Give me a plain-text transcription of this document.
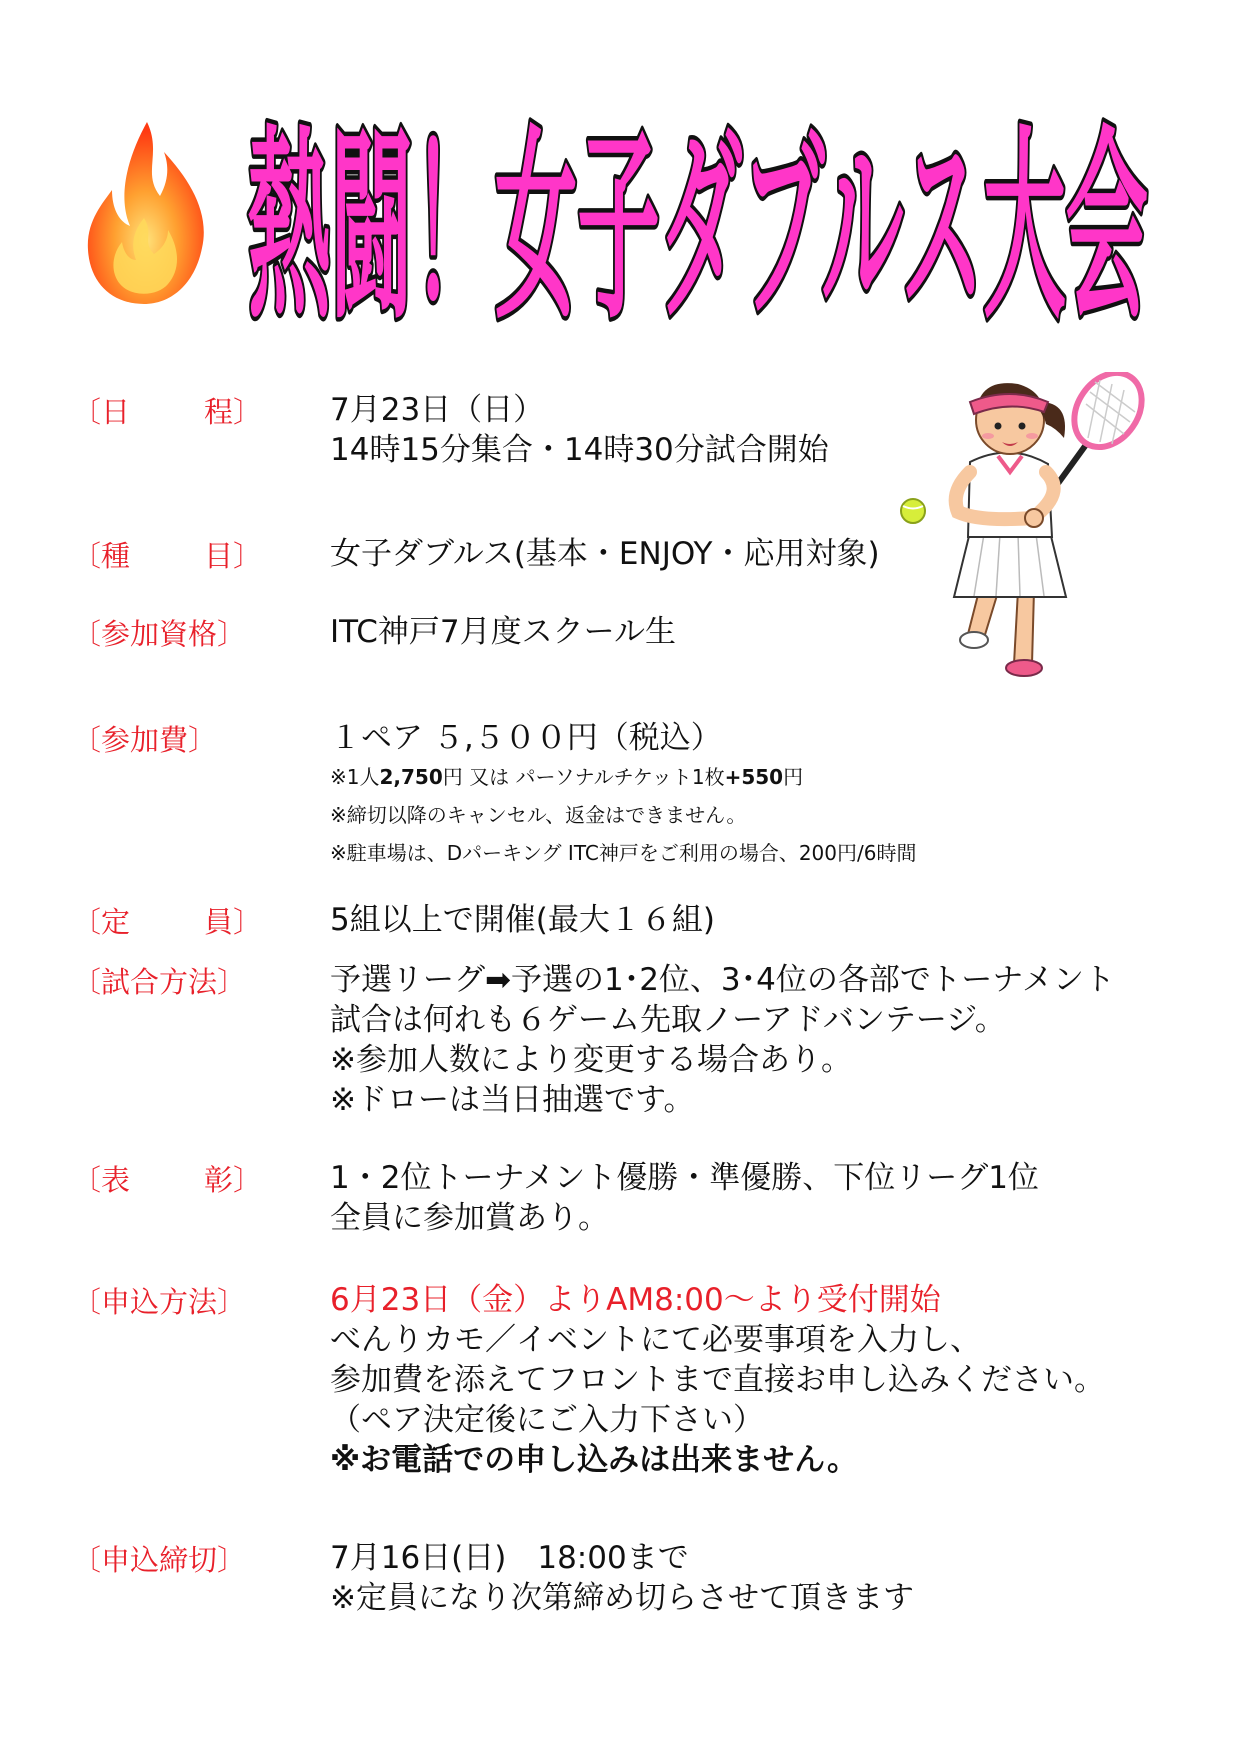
熱闘！女子ダブルス大会
〔日	程〕 7月23日（日）
14時15分集合・14時30分試合開始
〔種	目〕 女子ダブルス(基本・ENJOY・応用対象)
〔参加資格〕	ITC神戸7月度スクール生
〔参加費〕	１ペア ５,５００円（税込）
※1人2,750円 又は パーソナルチケット1枚+550円
※締切以降のキャンセル、返金はできません。
※駐車場は、Dパーキング ITC神戸をご利用の場合、200円/6時間
〔定	員〕 5組以上で開催(最大１６組)
〔試合方法〕	予選リーグ➡予選の1･2位、3･4位の各部でトーナメント
試合は何れも６ゲーム先取ノーアドバンテージ。
※参加人数により変更する場合あり。
※ドローは当日抽選です。
〔表	彰〕 1・2位トーナメント優勝・準優勝、下位リーグ1位
全員に参加賞あり。
〔申込方法〕	6月23日（金）よりAM8:00～より受付開始
べんりカモ／イベントにて必要事項を入力し、
参加費を添えてフロントまで直接お申し込みください。
（ペア決定後にご入力下さい）
※お電話での申し込みは出来ません。
〔申込締切〕	7月16日(日)　18:00まで
※定員になり次第締め切らさせて頂きます
